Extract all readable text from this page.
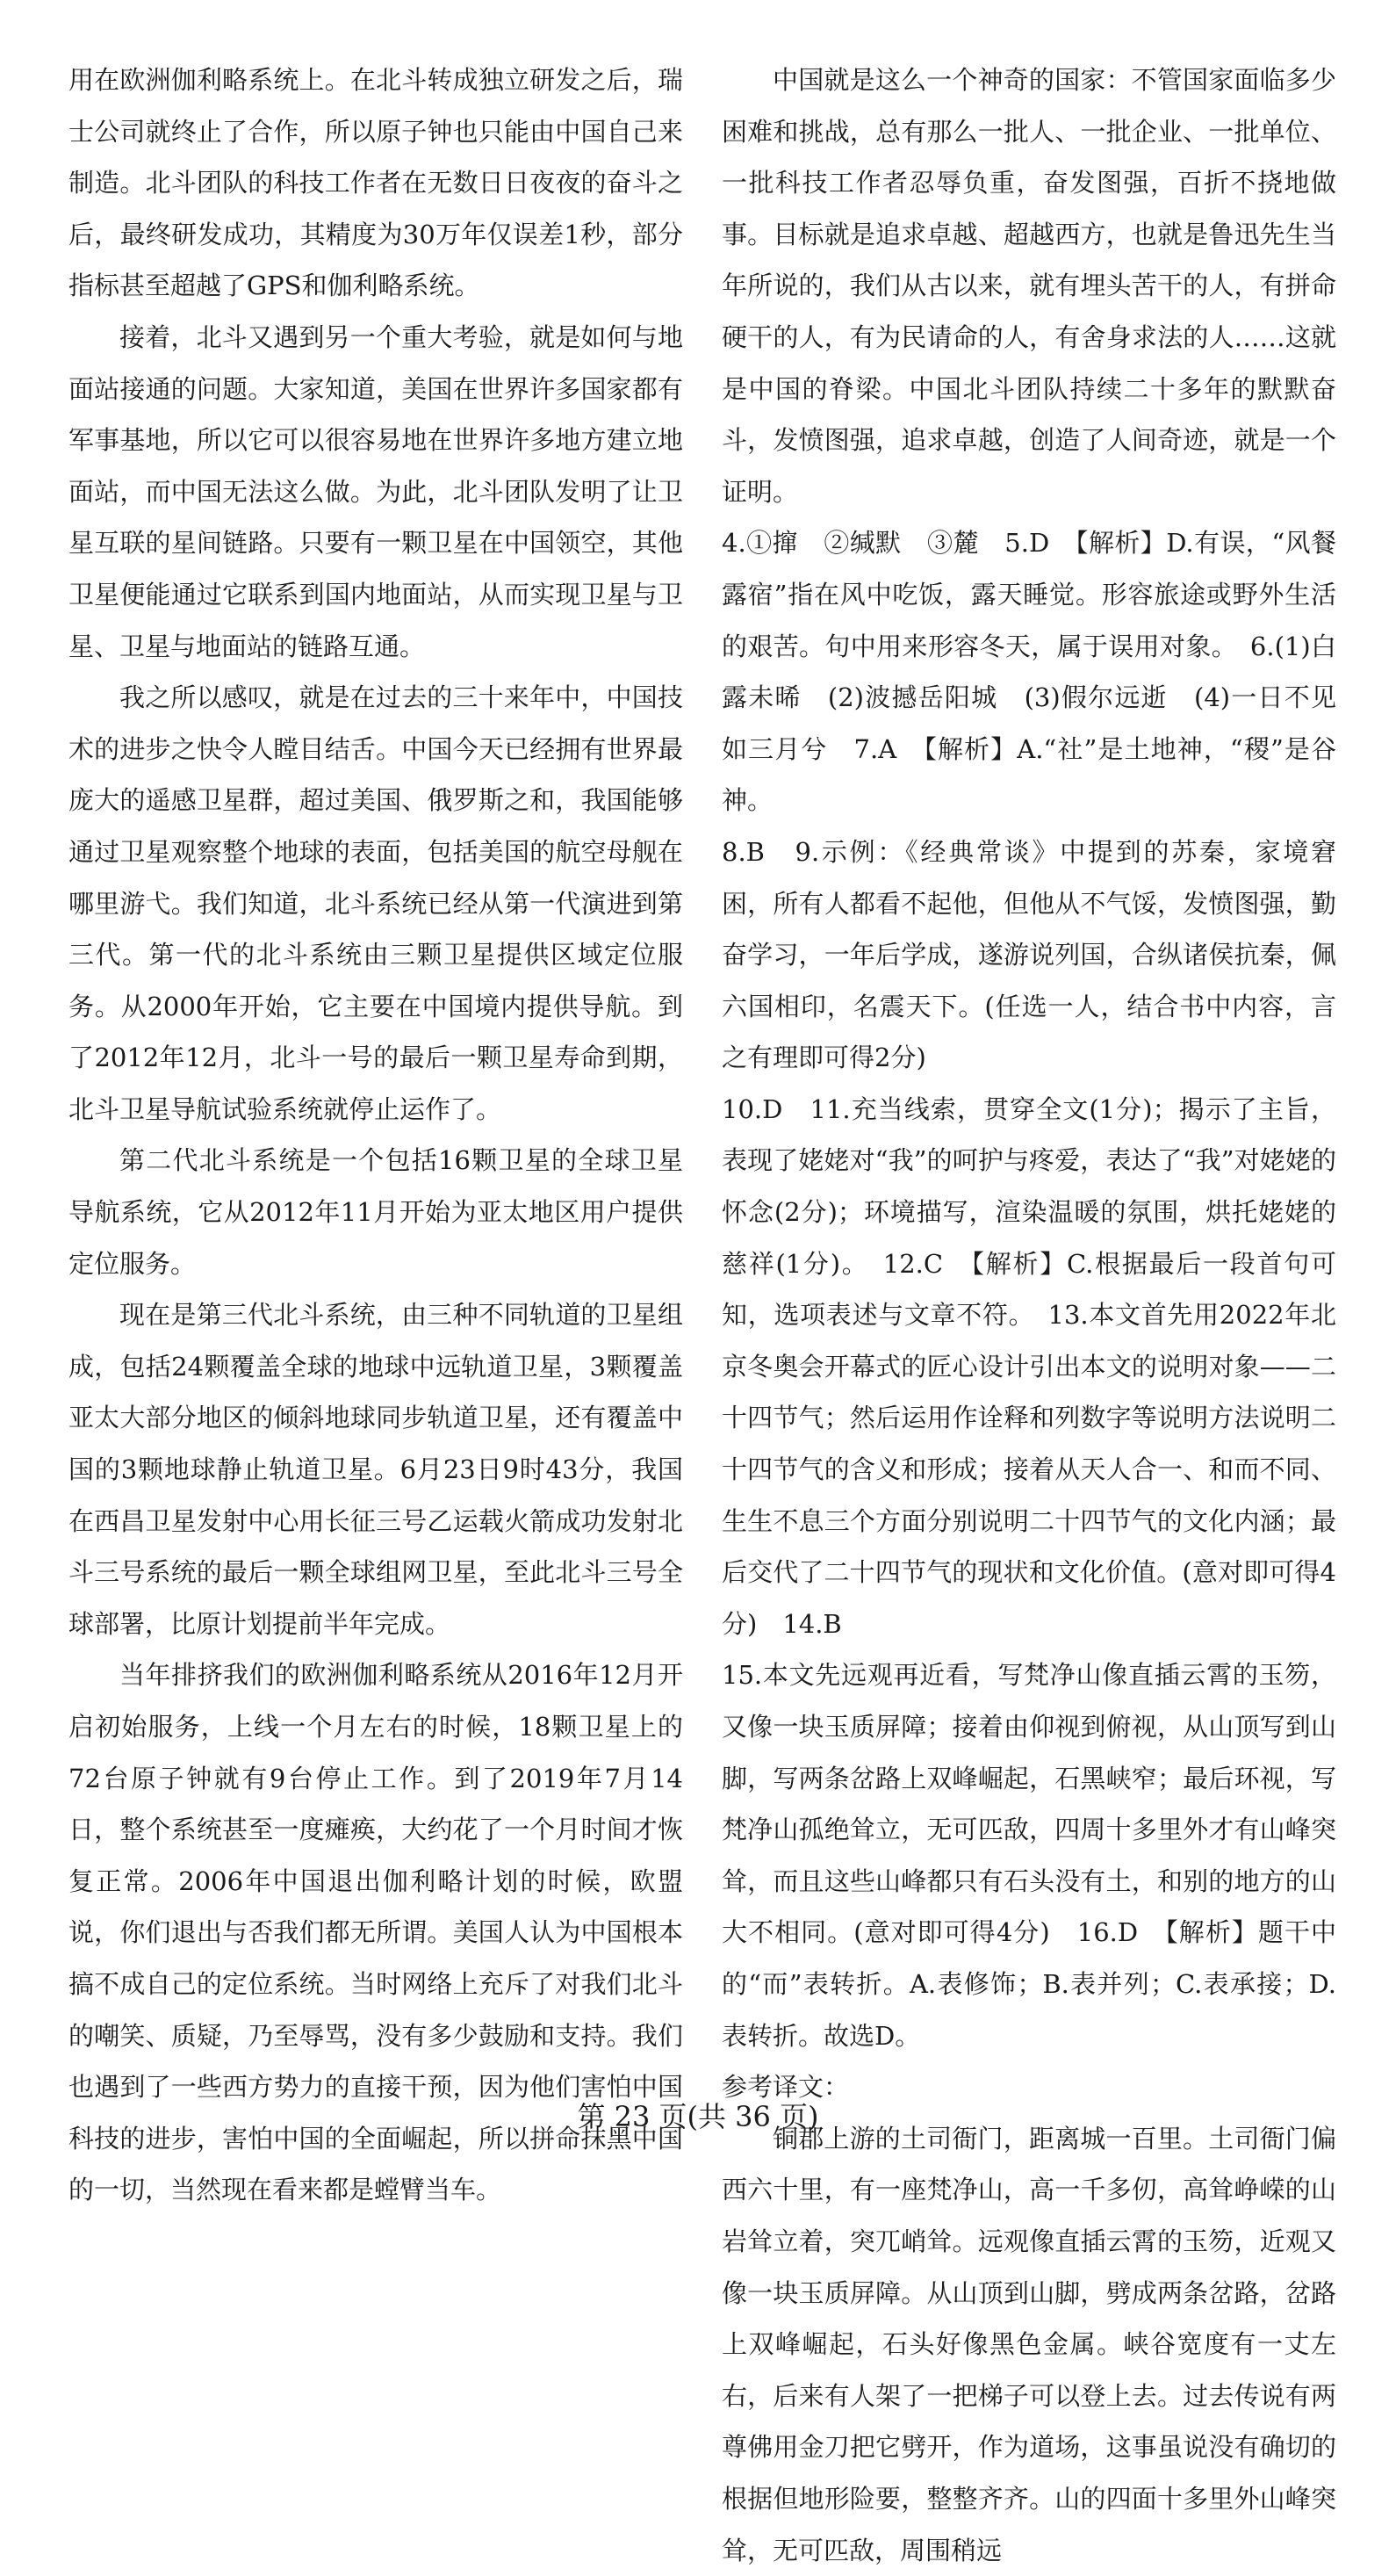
用在欧洲伽利略系统上。在北斗转成独立研发之后，瑞士公司就终止了合作，所以原子钟也只能由中国自己来制造。北斗团队的科技工作者在无数日日夜夜的奋斗之后，最终研发成功，其精度为30万年仅误差1秒，部分指标甚至超越了GPS和伽利略系统。

接着，北斗又遇到另一个重大考验，就是如何与地面站接通的问题。大家知道，美国在世界许多国家都有军事基地，所以它可以很容易地在世界许多地方建立地面站，而中国无法这么做。为此，北斗团队发明了让卫星互联的星间链路。只要有一颗卫星在中国领空，其他卫星便能通过它联系到国内地面站，从而实现卫星与卫星、卫星与地面站的链路互通。

我之所以感叹，就是在过去的三十来年中，中国技术的进步之快令人瞠目结舌。中国今天已经拥有世界最庞大的遥感卫星群，超过美国、俄罗斯之和，我国能够通过卫星观察整个地球的表面，包括美国的航空母舰在哪里游弋。我们知道，北斗系统已经从第一代演进到第三代。第一代的北斗系统由三颗卫星提供区域定位服务。从2000年开始，它主要在中国境内提供导航。到了2012年12月，北斗一号的最后一颗卫星寿命到期，北斗卫星导航试验系统就停止运作了。

第二代北斗系统是一个包括16颗卫星的全球卫星导航系统，它从2012年11月开始为亚太地区用户提供定位服务。

现在是第三代北斗系统，由三种不同轨道的卫星组成，包括24颗覆盖全球的地球中远轨道卫星，3颗覆盖亚太大部分地区的倾斜地球同步轨道卫星，还有覆盖中国的3颗地球静止轨道卫星。6月23日9时43分，我国在西昌卫星发射中心用长征三号乙运载火箭成功发射北斗三号系统的最后一颗全球组网卫星，至此北斗三号全球部署，比原计划提前半年完成。

当年排挤我们的欧洲伽利略系统从2016年12月开启初始服务，上线一个月左右的时候，18颗卫星上的72台原子钟就有9台停止工作。到了2019年7月14日，整个系统甚至一度瘫痪，大约花了一个月时间才恢复正常。2006年中国退出伽利略计划的时候，欧盟说，你们退出与否我们都无所谓。美国人认为中国根本搞不成自己的定位系统。当时网络上充斥了对我们北斗的嘲笑、质疑，乃至辱骂，没有多少鼓励和支持。我们也遇到了一些西方势力的直接干预，因为他们害怕中国科技的进步，害怕中国的全面崛起，所以拼命抹黑中国的一切，当然现在看来都是螳臂当车。

中国就是这么一个神奇的国家：不管国家面临多少困难和挑战，总有那么一批人、一批企业、一批单位、一批科技工作者忍辱负重，奋发图强，百折不挠地做事。目标就是追求卓越、超越西方，也就是鲁迅先生当年所说的，我们从古以来，就有埋头苦干的人，有拼命硬干的人，有为民请命的人，有舍身求法的人……这就是中国的脊梁。中国北斗团队持续二十多年的默默奋斗，发愤图强，追求卓越，创造了人间奇迹，就是一个证明。

4.①撺　②缄默　③麓　5.D　【解析】D.有误，“风餐露宿”指在风中吃饭，露天睡觉。形容旅途或野外生活的艰苦。句中用来形容冬天，属于误用对象。　6.(1)白露未晞　(2)波撼岳阳城　(3)假尔远逝　(4)一日不见如三月兮　7.A　【解析】A.“社”是土地神，“稷”是谷神。

8.B　9.示例：《经典常谈》中提到的苏秦，家境窘困，所有人都看不起他，但他从不气馁，发愤图强，勤奋学习，一年后学成，遂游说列国，合纵诸侯抗秦，佩六国相印，名震天下。(任选一人，结合书中内容，言之有理即可得2分)

10.D　11.充当线索，贯穿全文(1分)；揭示了主旨，表现了姥姥对“我”的呵护与疼爱，表达了“我”对姥姥的怀念(2分)；环境描写，渲染温暖的氛围，烘托姥姥的慈祥(1分)。　12.C　【解析】C.根据最后一段首句可知，选项表述与文章不符。　13.本文首先用2022年北京冬奥会开幕式的匠心设计引出本文的说明对象——二十四节气；然后运用作诠释和列数字等说明方法说明二十四节气的含义和形成；接着从天人合一、和而不同、生生不息三个方面分别说明二十四节气的文化内涵；最后交代了二十四节气的现状和文化价值。(意对即可得4分)　14.B

15.本文先远观再近看，写梵净山像直插云霄的玉笏，又像一块玉质屏障；接着由仰视到俯视，从山顶写到山脚，写两条岔路上双峰崛起，石黑峡窄；最后环视，写梵净山孤绝耸立，无可匹敌，四周十多里外才有山峰突耸，而且这些山峰都只有石头没有土，和别的地方的山大不相同。(意对即可得4分)　16.D　【解析】题干中的“而”表转折。A.表修饰；B.表并列；C.表承接；D.表转折。故选D。

参考译文：

铜郡上游的土司衙门，距离城一百里。土司衙门偏西六十里，有一座梵净山，高一千多仞，高耸峥嵘的山岩耸立着，突兀峭耸。远观像直插云霄的玉笏，近观又像一块玉质屏障。从山顶到山脚，劈成两条岔路，岔路上双峰崛起，石头好像黑色金属。峡谷宽度有一丈左右，后来有人架了一把梯子可以登上去。过去传说有两尊佛用金刀把它劈开，作为道场，这事虽说没有确切的根据但地形险要，整整齐齐。山的四面十多里外山峰突耸，无可匹敌，周围稍远

第 23 页(共 36 页)
